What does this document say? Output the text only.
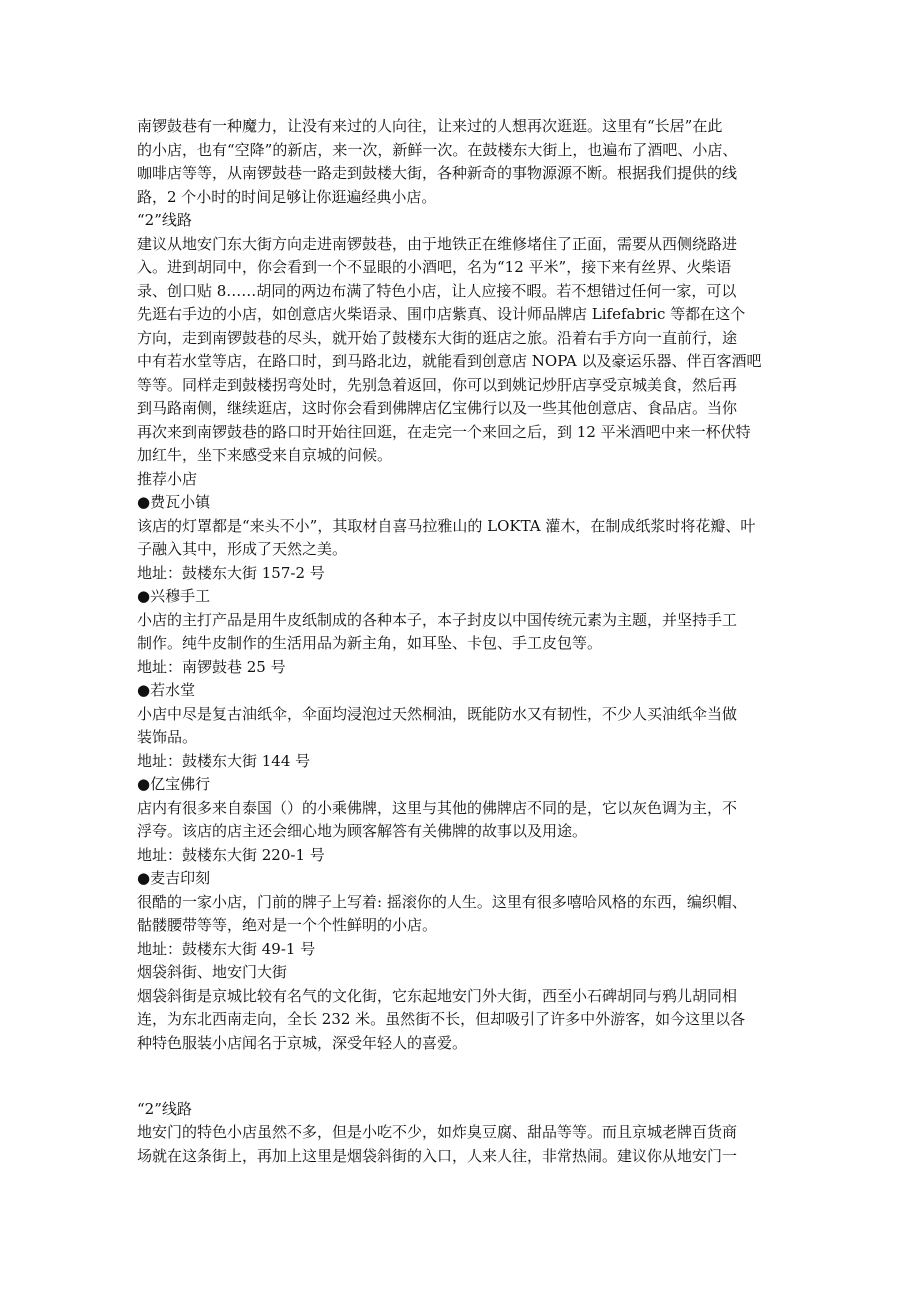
南锣鼓巷有一种魔力，让没有来过的人向往，让来过的人想再次逛逛。这里有“长居”在此
的小店，也有“空降”的新店，来一次，新鲜一次。在鼓楼东大街上，也遍布了酒吧、小店、
咖啡店等等，从南锣鼓巷一路走到鼓楼大街，各种新奇的事物源源不断。根据我们提供的线
路，2 个小时的时间足够让你逛遍经典小店。
“2”线路
建议从地安门东大街方向走进南锣鼓巷，由于地铁正在维修堵住了正面，需要从西侧绕路进
入。进到胡同中，你会看到一个不显眼的小酒吧，名为“12 平米”，接下来有丝界、火柴语
录、创口贴 8……胡同的两边布满了特色小店，让人应接不暇。若不想错过任何一家，可以
先逛右手边的小店，如创意店火柴语录、围巾店紫真、设计师品牌店 Lifefabric 等都在这个
方向，走到南锣鼓巷的尽头，就开始了鼓楼东大街的逛店之旅。沿着右手方向一直前行，途
中有若水堂等店，在路口时，到马路北边，就能看到创意店 NOPA 以及豪运乐器、伴百客酒吧
等等。同样走到鼓楼拐弯处时，先别急着返回，你可以到姚记炒肝店享受京城美食，然后再
到马路南侧，继续逛店，这时你会看到佛牌店亿宝佛行以及一些其他创意店、食品店。当你
再次来到南锣鼓巷的路口时开始往回逛，在走完一个来回之后，到 12 平米酒吧中来一杯伏特
加红牛，坐下来感受来自京城的问候。
推荐小店
●费瓦小镇
该店的灯罩都是“来头不小”，其取材自喜马拉雅山的 LOKTA 灌木，在制成纸浆时将花瓣、叶
子融入其中，形成了天然之美。
地址：鼓楼东大街 157-2 号
●兴穆手工
小店的主打产品是用牛皮纸制成的各种本子，本子封皮以中国传统元素为主题，并坚持手工
制作。纯牛皮制作的生活用品为新主角，如耳坠、卡包、手工皮包等。
地址：南锣鼓巷 25 号
●若水堂
小店中尽是复古油纸伞，伞面均浸泡过天然桐油，既能防水又有韧性，不少人买油纸伞当做
装饰品。
地址：鼓楼东大街 144 号
●亿宝佛行
店内有很多来自泰国（）的小乘佛牌，这里与其他的佛牌店不同的是，它以灰色调为主，不
浮夸。该店的店主还会细心地为顾客解答有关佛牌的故事以及用途。
地址：鼓楼东大街 220-1 号
●麦吉印刻
很酷的一家小店，门前的牌子上写着: 摇滚你的人生。这里有很多嘻哈风格的东西，编织帽、
骷髅腰带等等，绝对是一个个性鲜明的小店。
地址：鼓楼东大街 49-1 号
烟袋斜街、地安门大街
烟袋斜街是京城比较有名气的文化街，它东起地安门外大街，西至小石碑胡同与鸦儿胡同相
连，为东北西南走向，全长 232 米。虽然街不长，但却吸引了许多中外游客，如今这里以各
种特色服装小店闻名于京城，深受年轻人的喜爱。
“2”线路
地安门的特色小店虽然不多，但是小吃不少，如炸臭豆腐、甜品等等。而且京城老牌百货商
场就在这条街上，再加上这里是烟袋斜街的入口，人来人往，非常热闹。建议你从地安门一
